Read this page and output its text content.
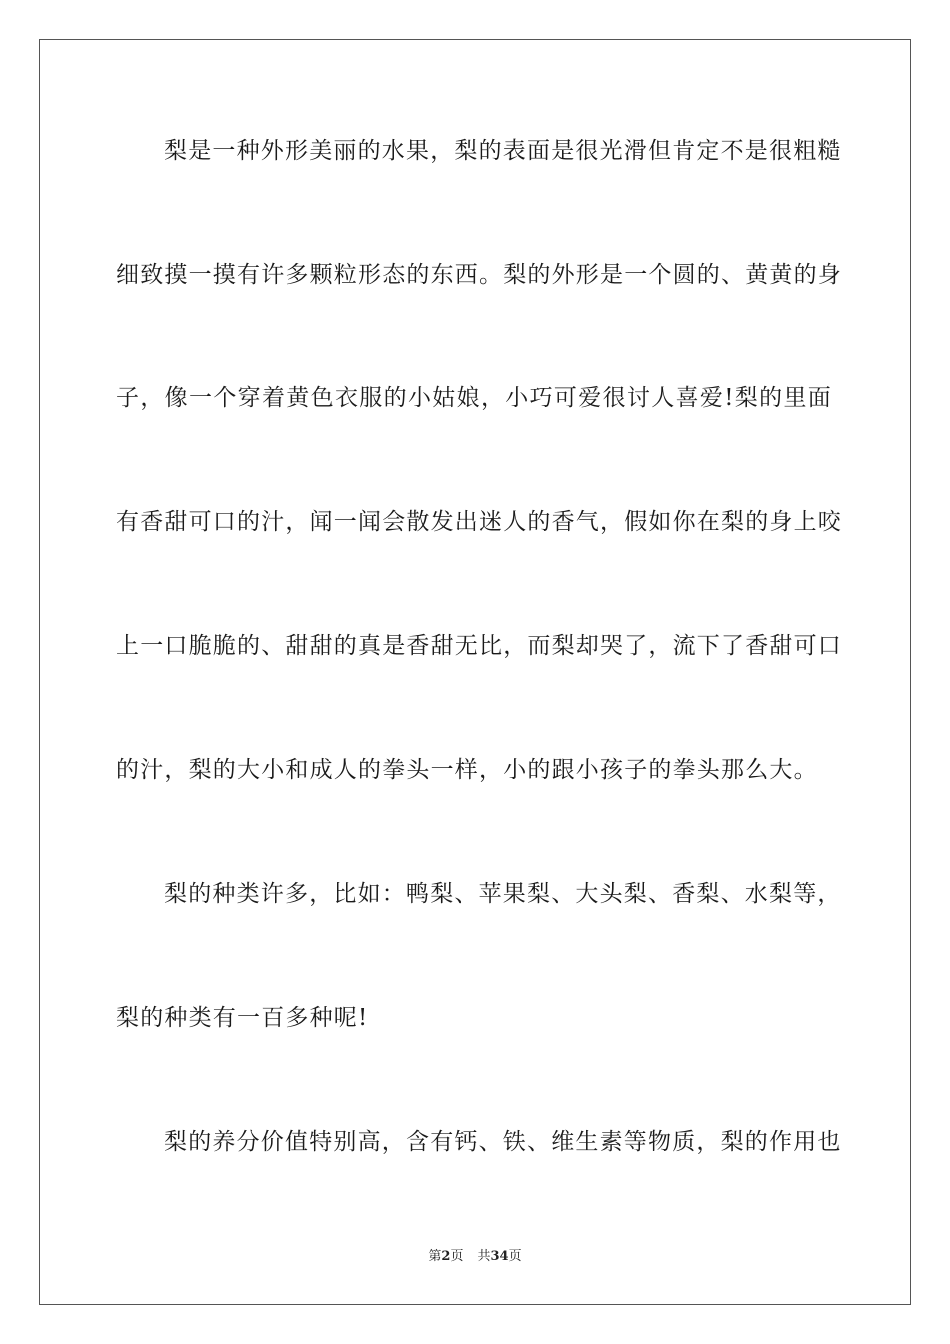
梨是一种外形美丽的水果，梨的表面是很光滑但肯定不是很粗糙
细致摸一摸有许多颗粒形态的东西。梨的外形是一个圆的、黄黄的身
子，像一个穿着黄色衣服的小姑娘，小巧可爱很讨人喜爱!梨的里面
有香甜可口的汁，闻一闻会散发出迷人的香气，假如你在梨的身上咬
上一口脆脆的、甜甜的真是香甜无比，而梨却哭了，流下了香甜可口
的汁，梨的大小和成人的拳头一样，小的跟小孩子的拳头那么大。
梨的种类许多，比如：鸭梨、苹果梨、大头梨、香梨、水梨等，
梨的种类有一百多种呢!
梨的养分价值特别高，含有钙、铁、维生素等物质，梨的作用也
第2页 共34页
